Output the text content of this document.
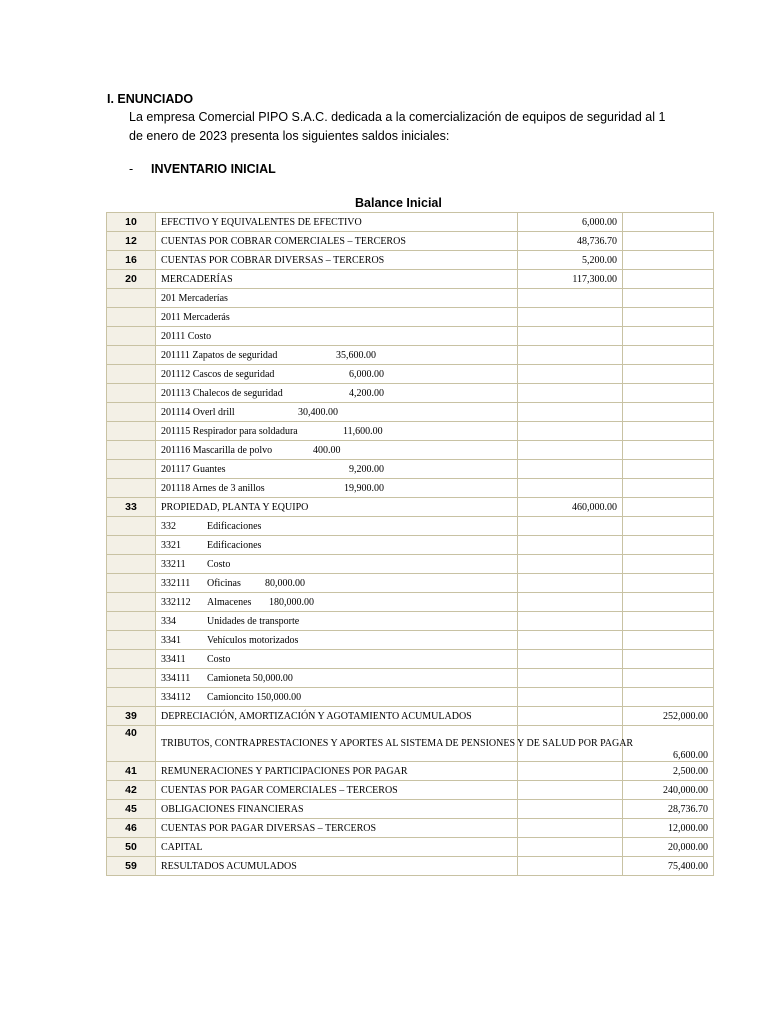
I. ENUNCIADO
La empresa Comercial PIPO S.A.C. dedicada a la comercialización de equipos de seguridad al 1 de enero de 2023 presenta los siguientes saldos iniciales:
- INVENTARIO INICIAL
Balance Inicial
10	EFECTIVO Y EQUIVALENTES DE EFECTIVO	6,000.00	
12	CUENTAS POR COBRAR COMERCIALES – TERCEROS	48,736.70	
16	CUENTAS POR COBRAR DIVERSAS – TERCEROS	5,200.00	
20	MERCADERÍAS	117,300.00	
	201 Mercaderías		
	2011 Mercaderás		
	20111 Costo		
	201111 Zapatos de seguridad 35,600.00		
	201112 Cascos de seguridad 6,000.00		
	201113 Chalecos de seguridad 4,200.00		
	201114 Overl drill 30,400.00		
	201115 Respirador para soldadura 11,600.00		
	201116 Mascarilla de polvo 400.00		
	201117 Guantes 9,200.00		
	201118 Arnes de 3 anillos 19,900.00		
33	PROPIEDAD, PLANTA Y EQUIPO	460,000.00	
	332 Edificaciones		
	3321 Edificaciones		
	33211 Costo		
	332111 Oficinas 80,000.00		
	332112 Almacenes 180,000.00		
	334 Unidades de transporte		
	3341 Vehículos motorizados		
	33411 Costo		
	334111 Camioneta 50,000.00		
	334112 Camioncito 150,000.00		
39	DEPRECIACIÓN, AMORTIZACIÓN Y AGOTAMIENTO ACUMULADOS		252,000.00
40	TRIBUTOS, CONTRAPRESTACIONES Y APORTES AL SISTEMA DE PENSIONES Y DE SALUD POR PAGAR		6,600.00
41	REMUNERACIONES Y PARTICIPACIONES POR PAGAR		2,500.00
42	CUENTAS POR PAGAR COMERCIALES – TERCEROS		240,000.00
45	OBLIGACIONES FINANCIERAS		28,736.70
46	CUENTAS POR PAGAR DIVERSAS – TERCEROS		12,000.00
50	CAPITAL		20,000.00
59	RESULTADOS ACUMULADOS		75,400.00
